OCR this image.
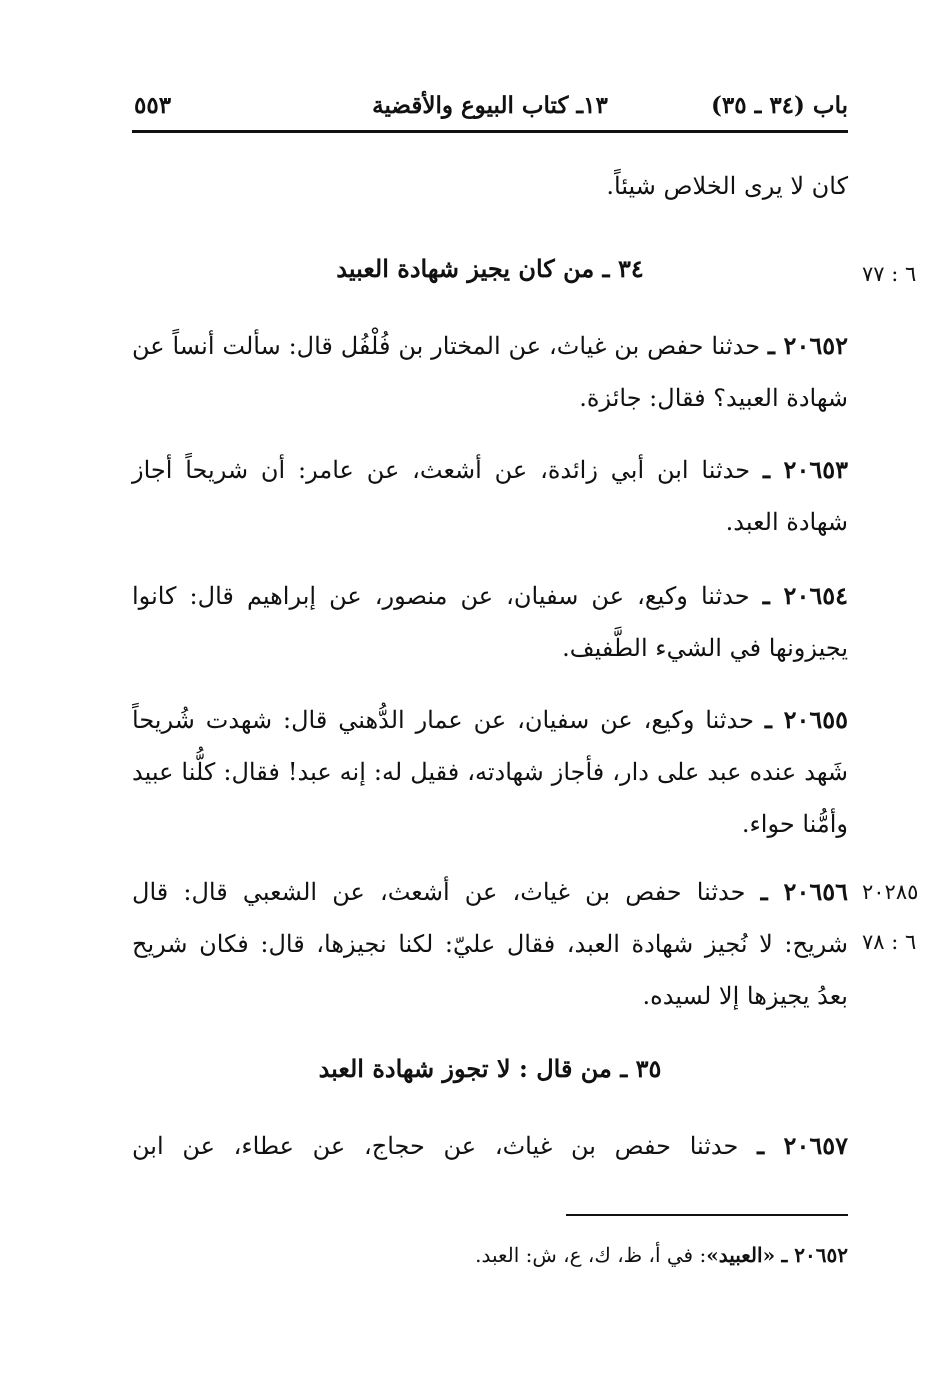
باب (٣٤ ـ ٣٥)
١٣ـ كتاب البيوع والأقضية
٥٥٣

كان لا يرى الخلاص شيئاً.

٦ : ٧٧
٣٤ ـ من كان يجيز شهادة العبيد

٢٠٦٥٢ ـ حدثنا حفص بن غياث، عن المختار بن فُلْفُل قال: سألت أنساً عن شهادة العبيد؟ فقال: جائزة.

٢٠٦٥٣ ـ حدثنا ابن أبي زائدة، عن أشعث، عن عامر: أن شريحاً أجاز شهادة العبد.

٢٠٦٥٤ ـ حدثنا وكيع، عن سفيان، عن منصور، عن إبراهيم قال: كانوا يجيزونها في الشيء الطَّفيف.

٢٠٦٥٥ ـ حدثنا وكيع، عن سفيان، عن عمار الدُّهني قال: شهدت شُريحاً شَهد عنده عبد على دار، فأجاز شهادته، فقيل له: إنه عبد! فقال: كلُّنا عبيد وأمُّنا حواء.

٢٠٢٨٥
٦ : ٧٨

٢٠٦٥٦ ـ حدثنا حفص بن غياث، عن أشعث، عن الشعبي قال: قال

شريح: لا نُجيز شهادة العبد، فقال عليّ: لكنا نجيزها، قال: فكان شريح

بعدُ يجيزها إلا لسيده.

٣٥ ـ من قال : لا تجوز شهادة العبد

٢٠٦٥٧ ـ حدثنا حفص بن غياث، عن حجاج، عن عطاء، عن ابن

٢٠٦٥٢ ـ «العبيد»: في أ، ظ، ك، ع، ش: العبد.
